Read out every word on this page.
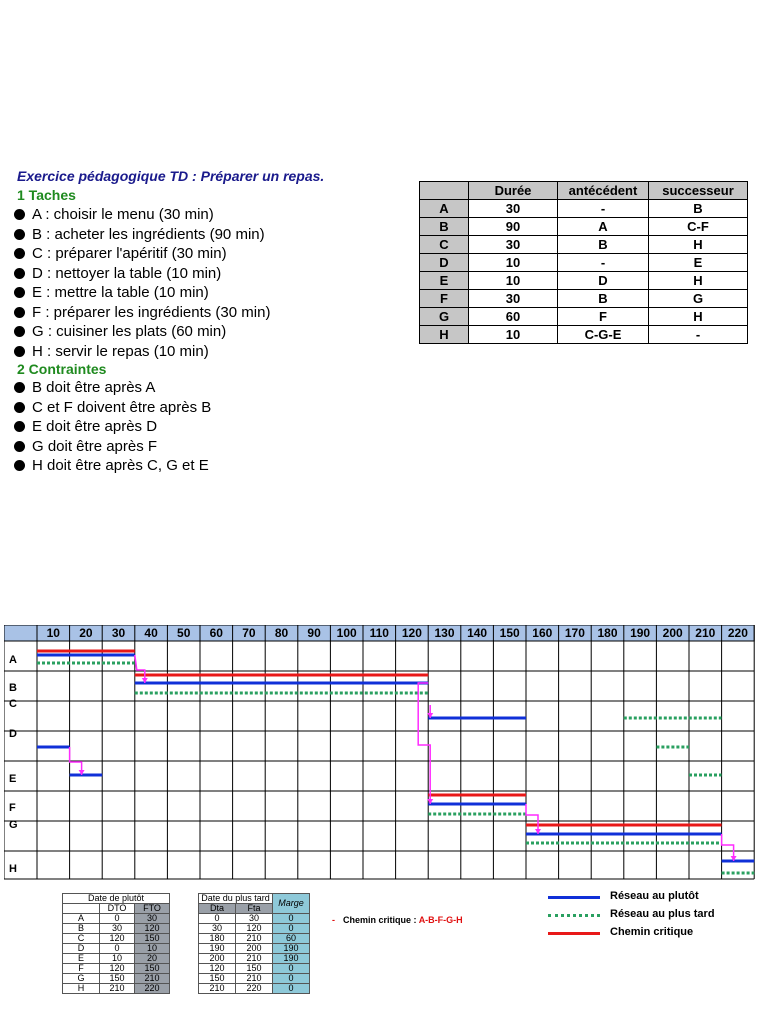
Exercice pédagogique TD : Préparer un repas.
1 Taches
A : choisir le menu (30 min)
B : acheter les ingrédients (90 min)
C : préparer l'apéritif (30 min)
D : nettoyer la table (10 min)
E : mettre la table (10 min)
F : préparer les ingrédients (30 min)
G : cuisiner les plats (60 min)
H : servir le repas (10 min)
2 Contraintes
B doit être après A
C et F doivent être après B
E doit être après D
G doit être après F
H doit être après C, G et E
	Durée	antécédent	successeur
A	30	-	B
B	90	A	C-F
C	30	B	H
D	10	-	E
E	10	D	H
F	30	B	G
G	60	F	H
H	10	C-G-E	-
10 20 30 40 50 60 70 80 90 100 110 120 130 140 150 160 170 180 190 200 210 220
A
B
C
D
E
F
G
H
Date de plutôt		
	DTO	FTO
A	0	30
B	30	120
C	120	150
D	0	10
E	10	20
F	120	150
G	150	210
H	210	220
Date du plus tard		Marge
Dta	Fta	
0	30	0
30	120	0
180	210	60
190	200	190
200	210	190
120	150	0
150	210	0
210	220	0
- Chemin critique : A-B-F-G-H
Réseau au plutôt
Réseau au plus tard
Chemin critique
